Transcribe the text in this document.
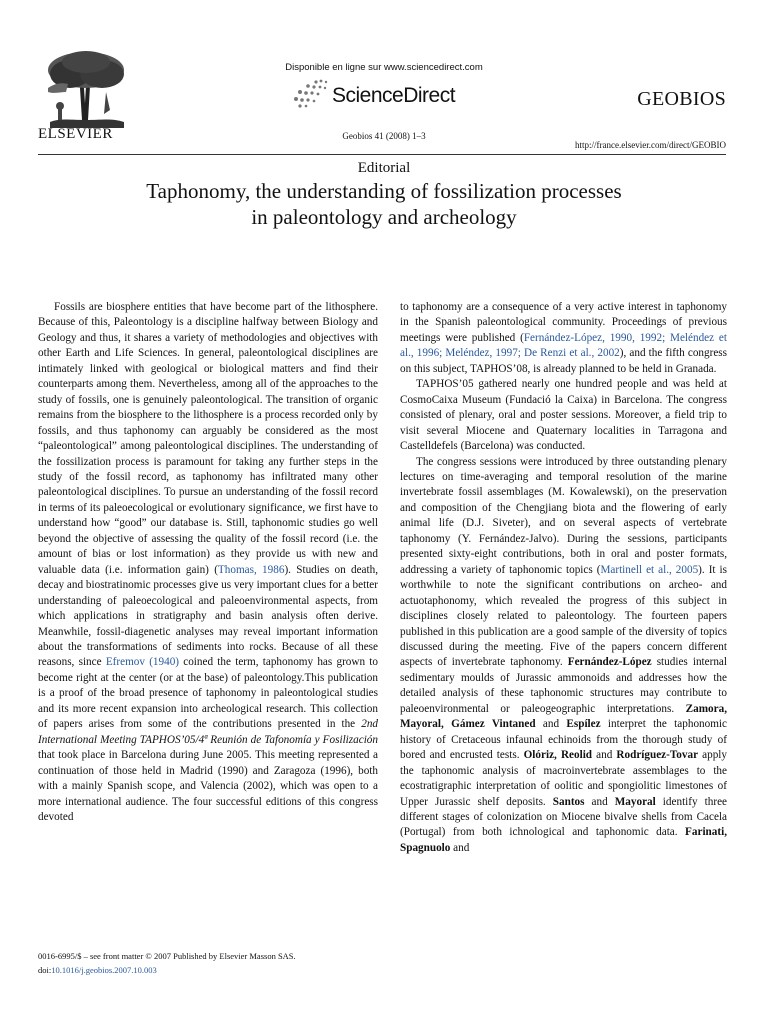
ELSEVIER
Disponible en ligne sur www.sciencedirect.com
ScienceDirect
Geobios 41 (2008) 1–3
GEOBIOS
http://france.elsevier.com/direct/GEOBIO
Editorial
Taphonomy, the understanding of fossilization processes
in paleontology and archeology

Fossils are biosphere entities that have become part of the lithosphere. Because of this, Paleontology is a discipline halfway between Biology and Geology and thus, it shares a variety of methodologies and objectives with other Earth and Life Sciences. In general, paleontological disciplines are intimately linked with geological or biological matters and find their counterparts among them. Nevertheless, among all of the approaches to the study of fossils, one is genuinely paleontological. The transition of organic remains from the biosphere to the lithosphere is a process recorded only by fossils, and thus taphonomy can arguably be considered as the most “paleontological” among paleontological disciplines. The understanding of the fossilization process is paramount for taking any further steps in the study of the fossil record, as taphonomy has infiltrated many other paleontological disciplines. To pursue an understanding of the fossil record in terms of its paleoecological or evolutionary significance, we first have to understand how “good” our database is. Still, taphonomic studies go well beyond the objective of assessing the quality of the fossil record (i.e. the amount of bias or lost information) as they provide us with new and valuable data (i.e. information gain) (Thomas, 1986). Studies on death, decay and biostratinomic processes give us very important clues for a better understanding of paleoecological and paleoenvironmental aspects, from which applications in stratigraphy and basin analysis often derive. Meanwhile, fossil-diagenetic analyses may reveal important information about the transformations of sediments into rocks. Because of all these reasons, since Efremov (1940) coined the term, taphonomy has grown to become right at the center (or at the base) of paleontology.This publication is a proof of the broad presence of taphonomy in paleontological studies and its more recent expansion into archeological research. This collection of papers arises from some of the contributions presented in the 2nd International Meeting TAPHOS’05/4ª Reunión de Tafonomía y Fosilización that took place in Barcelona during June 2005. This meeting represented a continuation of those held in Madrid (1990) and Zaragoza (1996), both with a mainly Spanish scope, and Valencia (2002), which was open to a more international audience. The four successful editions of this congress devoted

to taphonomy are a consequence of a very active interest in taphonomy in the Spanish paleontological community. Proceedings of previous meetings were published (Fernández-López, 1990, 1992; Meléndez et al., 1996; Meléndez, 1997; De Renzi et al., 2002), and the fifth congress on this subject, TAPHOS’08, is already planned to be held in Granada.

TAPHOS’05 gathered nearly one hundred people and was held at CosmoCaixa Museum (Fundació la Caixa) in Barcelona. The congress consisted of plenary, oral and poster sessions. Moreover, a field trip to visit several Miocene and Quaternary localities in Tarragona and Castelldefels (Barcelona) was conducted.

The congress sessions were introduced by three outstanding plenary lectures on time-averaging and temporal resolution of the marine invertebrate fossil assemblages (M. Kowalewski), on the preservation and composition of the Chengjiang biota and the flowering of early animal life (D.J. Siveter), and on several aspects of vertebrate taphonomy (Y. Fernández-Jalvo). During the sessions, participants presented sixty-eight contributions, both in oral and poster formats, addressing a variety of taphonomic topics (Martinell et al., 2005). It is worthwhile to note the significant contributions on archeo- and actuotaphonomy, which revealed the progress of this subject in disciplines closely related to paleontology. The fourteen papers published in this publication are a good sample of the diversity of topics discussed during the meeting. Five of the papers concern different aspects of invertebrate taphonomy. Fernández-López studies internal sedimentary moulds of Jurassic ammonoids and addresses how the detailed analysis of these taphonomic structures may contribute to paleoenvironmental or paleogeographic interpretations. Zamora, Mayoral, Gámez Vintaned and Espílez interpret the taphonomic history of Cretaceous infaunal echinoids from the thorough study of bored and encrusted tests. Olóriz, Reolid and Rodríguez-Tovar apply the taphonomic analysis of macroinvertebrate assemblages to the ecostratigraphic interpretation of oolitic and spongiolitic limestones of Upper Jurassic shelf deposits. Santos and Mayoral identify three different stages of colonization on Miocene bivalve shells from Cacela (Portugal) from both ichnological and taphonomic data. Farinati, Spagnuolo and

0016-6995/$ – see front matter © 2007 Published by Elsevier Masson SAS.
doi:10.1016/j.geobios.2007.10.003
